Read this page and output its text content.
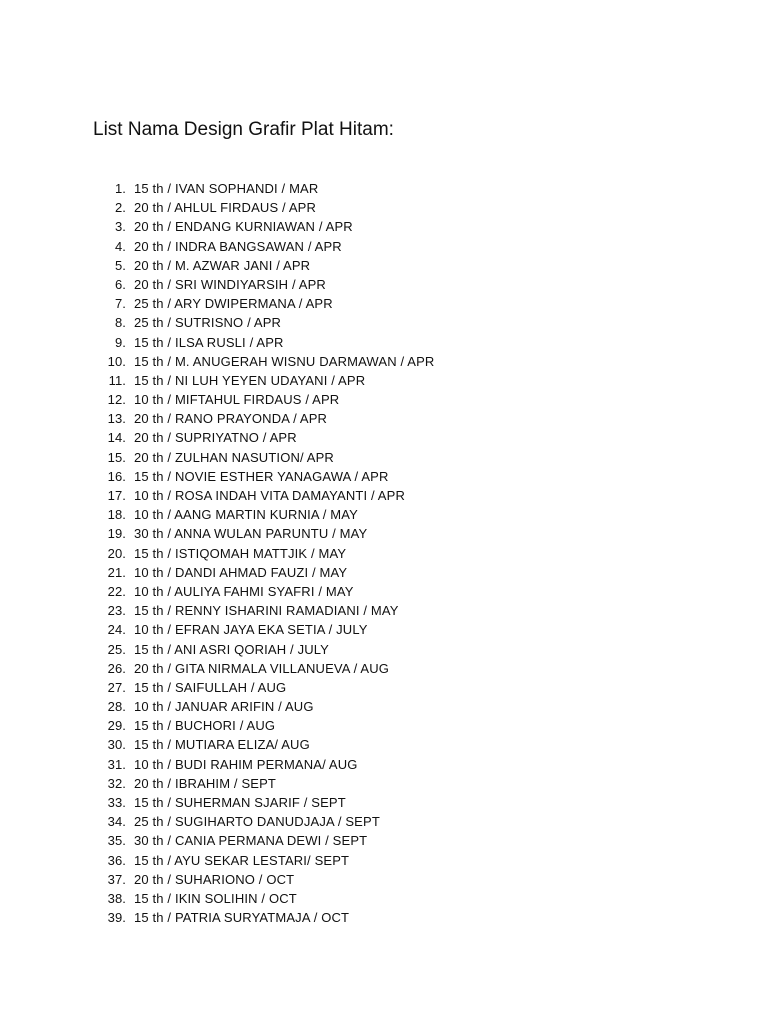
List Nama Design Grafir Plat Hitam:
1. 15 th / IVAN SOPHANDI / MAR
2. 20 th / AHLUL FIRDAUS / APR
3. 20 th / ENDANG KURNIAWAN / APR
4. 20 th / INDRA BANGSAWAN / APR
5. 20 th / M. AZWAR JANI / APR
6. 20 th / SRI WINDIYARSIH / APR
7. 25 th / ARY DWIPERMANA / APR
8. 25 th / SUTRISNO / APR
9. 15 th / ILSA RUSLI / APR
10. 15 th / M. ANUGERAH WISNU DARMAWAN / APR
11. 15 th / NI LUH YEYEN UDAYANI / APR
12. 10 th / MIFTAHUL FIRDAUS / APR
13. 20 th / RANO PRAYONDA / APR
14. 20 th / SUPRIYATNO / APR
15. 20 th / ZULHAN NASUTION/ APR
16. 15 th / NOVIE ESTHER YANAGAWA / APR
17. 10 th / ROSA INDAH VITA DAMAYANTI / APR
18. 10 th / AANG MARTIN KURNIA / MAY
19. 30 th / ANNA WULAN PARUNTU / MAY
20. 15 th / ISTIQOMAH MATTJIK / MAY
21. 10 th / DANDI AHMAD FAUZI / MAY
22. 10 th / AULIYA FAHMI SYAFRI / MAY
23. 15 th / RENNY ISHARINI RAMADIANI / MAY
24. 10 th / EFRAN JAYA EKA SETIA / JULY
25. 15 th / ANI ASRI QORIAH / JULY
26. 20 th / GITA NIRMALA VILLANUEVA / AUG
27. 15 th / SAIFULLAH / AUG
28. 10 th / JANUAR ARIFIN / AUG
29. 15 th / BUCHORI / AUG
30. 15 th / MUTIARA ELIZA/ AUG
31. 10 th / BUDI RAHIM PERMANA/ AUG
32. 20 th / IBRAHIM / SEPT
33. 15 th / SUHERMAN SJARIF / SEPT
34. 25 th / SUGIHARTO DANUDJAJA / SEPT
35. 30 th / CANIA PERMANA DEWI / SEPT
36. 15 th / AYU SEKAR LESTARI/ SEPT
37. 20 th / SUHARIONO / OCT
38. 15 th / IKIN SOLIHIN / OCT
39. 15 th / PATRIA SURYATMAJA / OCT
